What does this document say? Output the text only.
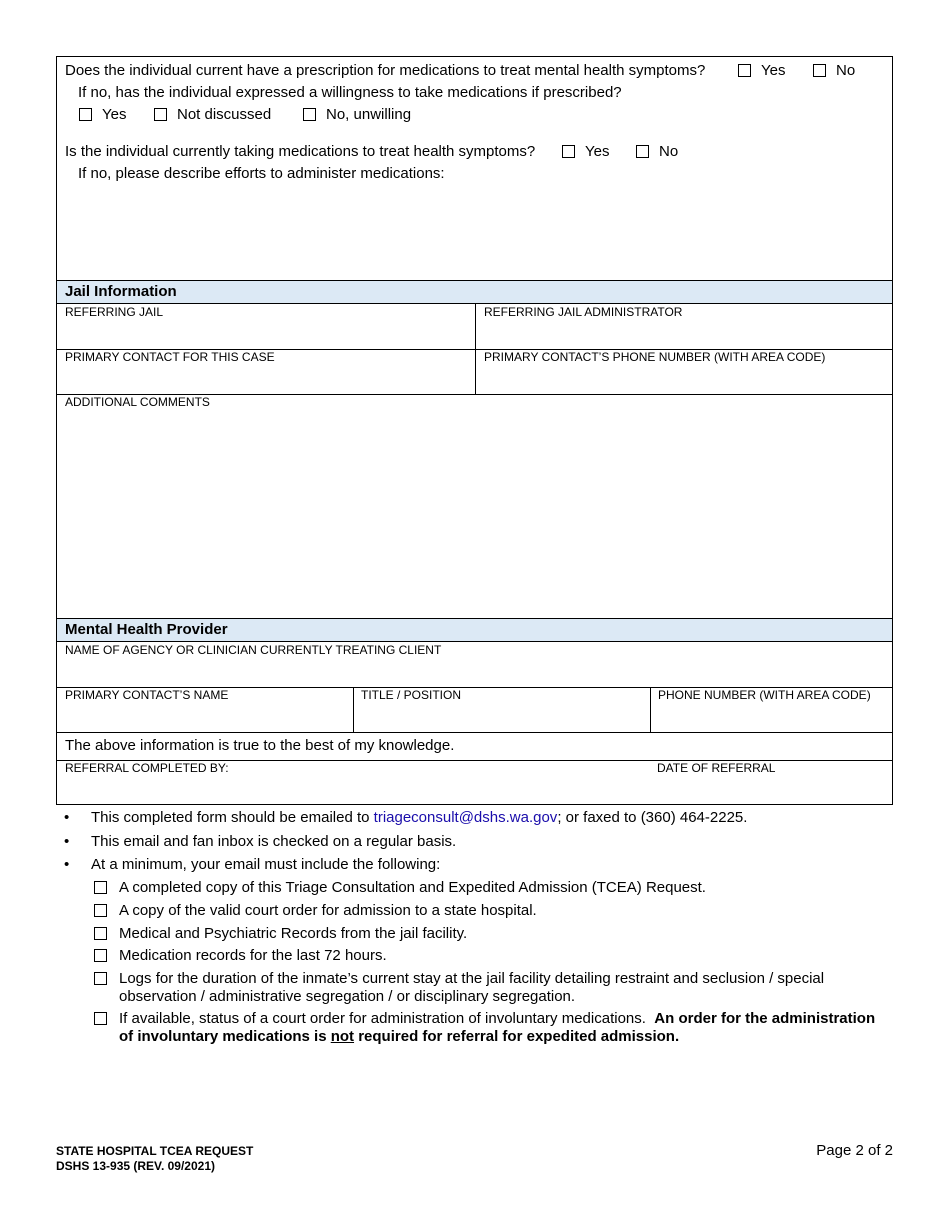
Does the individual current have a prescription for medications to treat mental health symptoms?	Yes	No
If no, has the individual expressed a willingness to take medications if prescribed?
Yes	Not discussed	No, unwilling
Is the individual currently taking medications to treat health symptoms?	Yes	No
If no, please describe efforts to administer medications:
Jail Information
REFERRING JAIL	REFERRING JAIL ADMINISTRATOR
PRIMARY CONTACT FOR THIS CASE	PRIMARY CONTACT’S PHONE NUMBER (WITH AREA CODE)
ADDITIONAL COMMENTS
Mental Health Provider
NAME OF AGENCY OR CLINICIAN CURRENTLY TREATING CLIENT
PRIMARY CONTACT’S NAME	TITLE / POSITION	PHONE NUMBER (WITH AREA CODE)
The above information is true to the best of my knowledge.
REFERRAL COMPLETED BY:	DATE OF REFERRAL
• This completed form should be emailed to triageconsult@dshs.wa.gov; or faxed to (360) 464-2225.
• This email and fan inbox is checked on a regular basis.
• At a minimum, your email must include the following:
A completed copy of this Triage Consultation and Expedited Admission (TCEA) Request.
A copy of the valid court order for admission to a state hospital.
Medical and Psychiatric Records from the jail facility.
Medication records for the last 72 hours.
Logs for the duration of the inmate’s current stay at the jail facility detailing restraint and seclusion / special observation / administrative segregation / or disciplinary segregation.
If available, status of a court order for administration of involuntary medications. An order for the administration of involuntary medications is not required for referral for expedited admission.
STATE HOSPITAL TCEA REQUEST
DSHS 13-935 (REV. 09/2021)
Page 2 of 2
